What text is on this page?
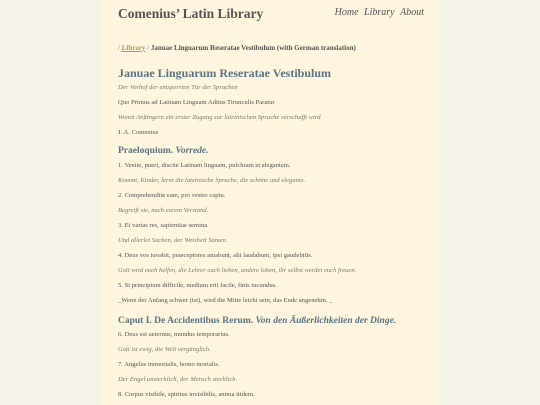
Comenius’ Latin Library	Home Library About
/ Library / Januae Linguarum Reseratae Vestibulum (with German translation)
Januae Linguarum Reseratae Vestibulum
Der Vorhof der entsperrten Tür der Sprachen
Quo Primus ad Latinam Linguam Aditus Tirunculis Paratur
Womit Anfängern ein erster Zugang zur lateinischen Sprache verschafft wird
J. A. Comenius
Praeloquium. Vorrede.
1. Venite, pueri, discite Latinam linguam, pulchram et elegantem.
Kommt, Kinder, lernt die lateinische Sprache, die schöne und elegante.
2. Comprehendite eam, pro vestro captu.
Begreift sie, nach eurem Verstand.
3. Et varias res, sapientiae semina.
Und allerlei Sachen, der Weisheit Samen.
4. Deus vos iuvabit, praeceptores amabunt, alii laudabunt, ipsi gaudebitis.
Gott wird euch helfen, die Lehrer euch lieben, andere loben, ihr selbst werdet euch freuen.
5. Si principium difficile, medium erit facile, finis iucundus.
_Wenn der Anfang schwer (ist), wird die Mitte leicht sein, das Ende angenehm. _
Caput I. De Accidentibus Rerum. Von den Äußerlichkeiten der Dinge.
6. Deus est aeternus, mundus temporarius.
Gott ist ewig, die Welt vergänglich.
7. Angelus immortalis, homo mortalis.
Der Engel unsterblich, der Mensch sterblich.
8. Corpus visibile, spiritus invisibilis, anima itidem.
